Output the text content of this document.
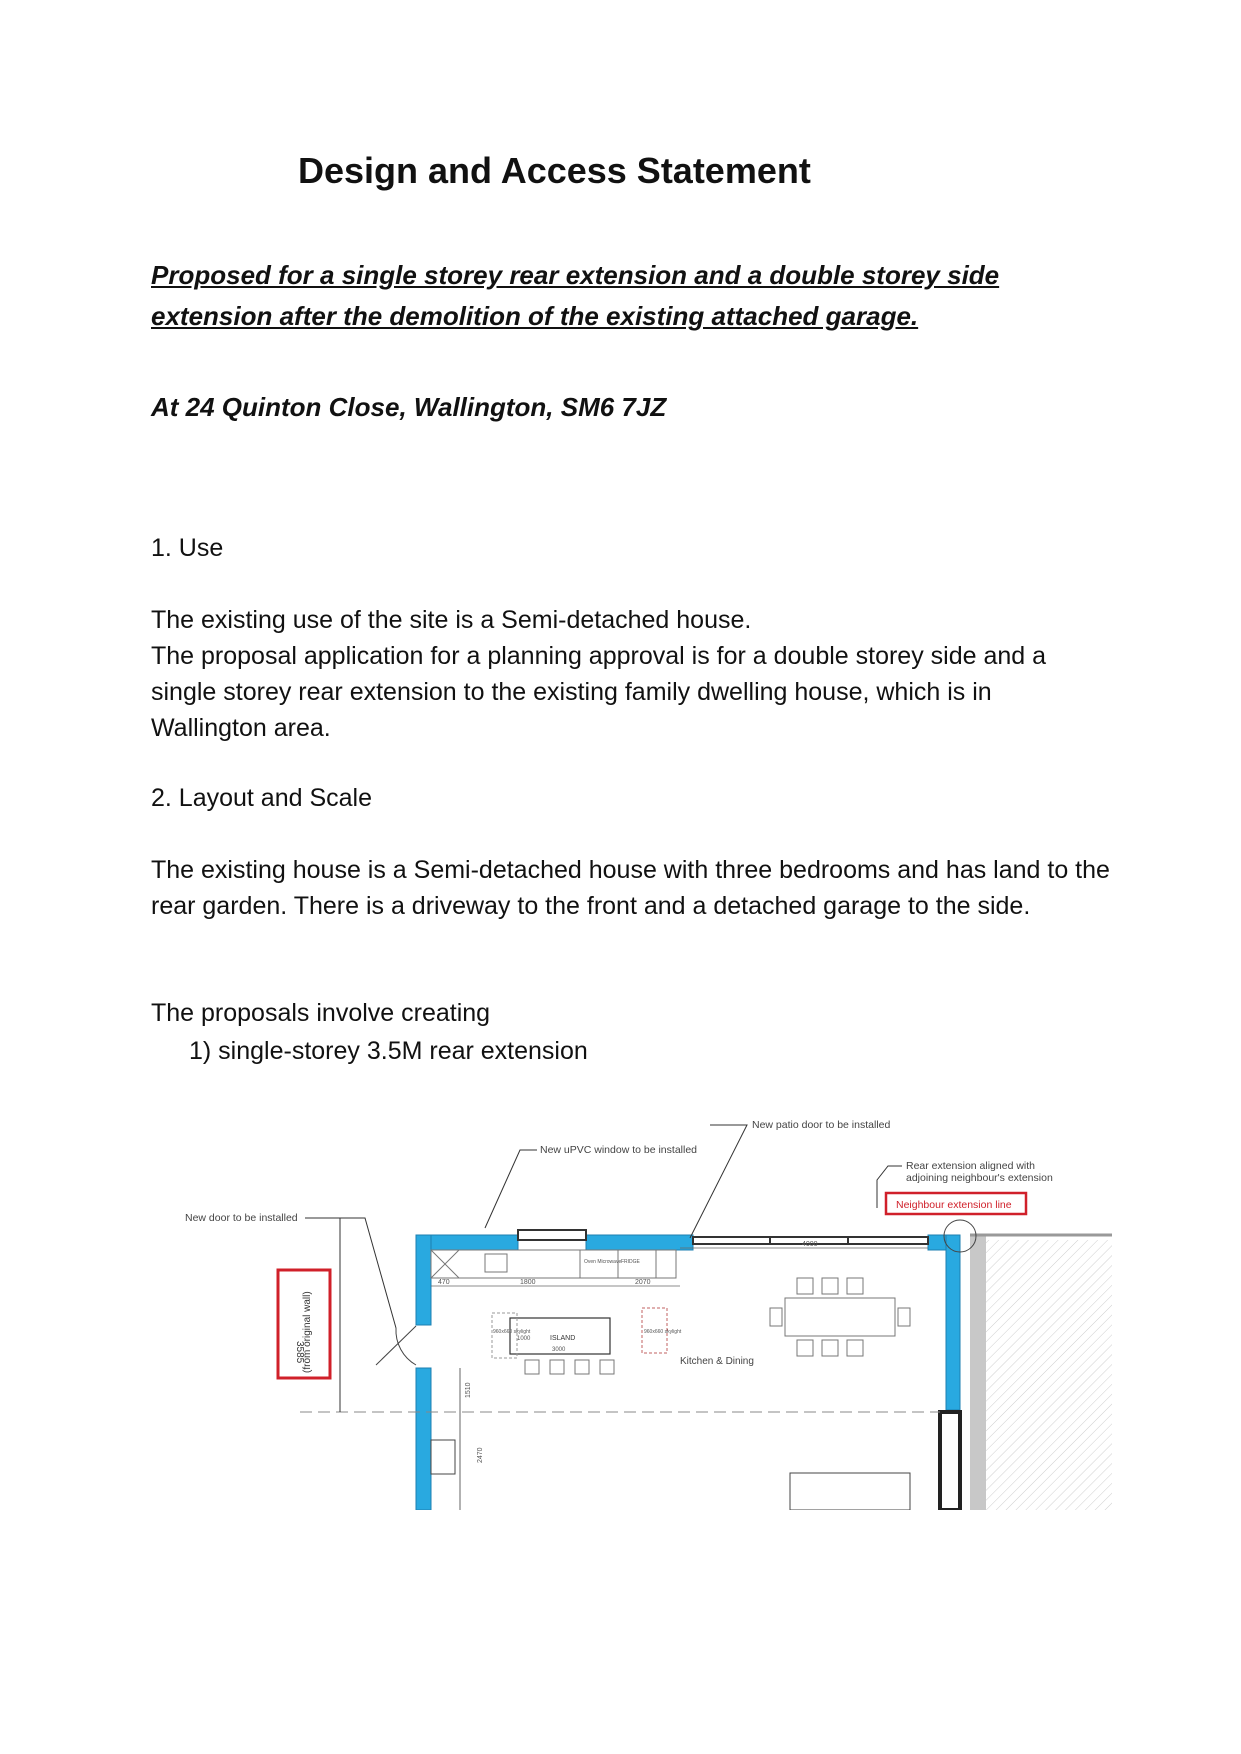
Design and Access Statement

Proposed for a single storey rear extension and a double storey side extension after the demolition of the existing attached garage.

At 24 Quinton Close, Wallington, SM6 7JZ

1. Use

The existing use of the site is a Semi-detached house.

The proposal application for a planning approval is for a double storey side and a single storey rear extension to the existing family dwelling house, which is in Wallington area.

2. Layout and Scale

The existing house is a Semi-detached house with three bedrooms and has land to the rear garden. There is a driveway to the front and a detached garage to the side.

The proposals involve creating

1) single-storey 3.5M rear extension

470	1800	2070
4000
ISLAND
3000
1000
960x660 skylight	960x660 skylight
Kitchen & Dining
Oven Microwave FRIDGE
1510
2470
New patio door to be installed
New uPVC window to be installed
Rear extension aligned with
adjoining neighbour's extension
Neighbour extension line
New door to be installed
3585
(from original wall)
